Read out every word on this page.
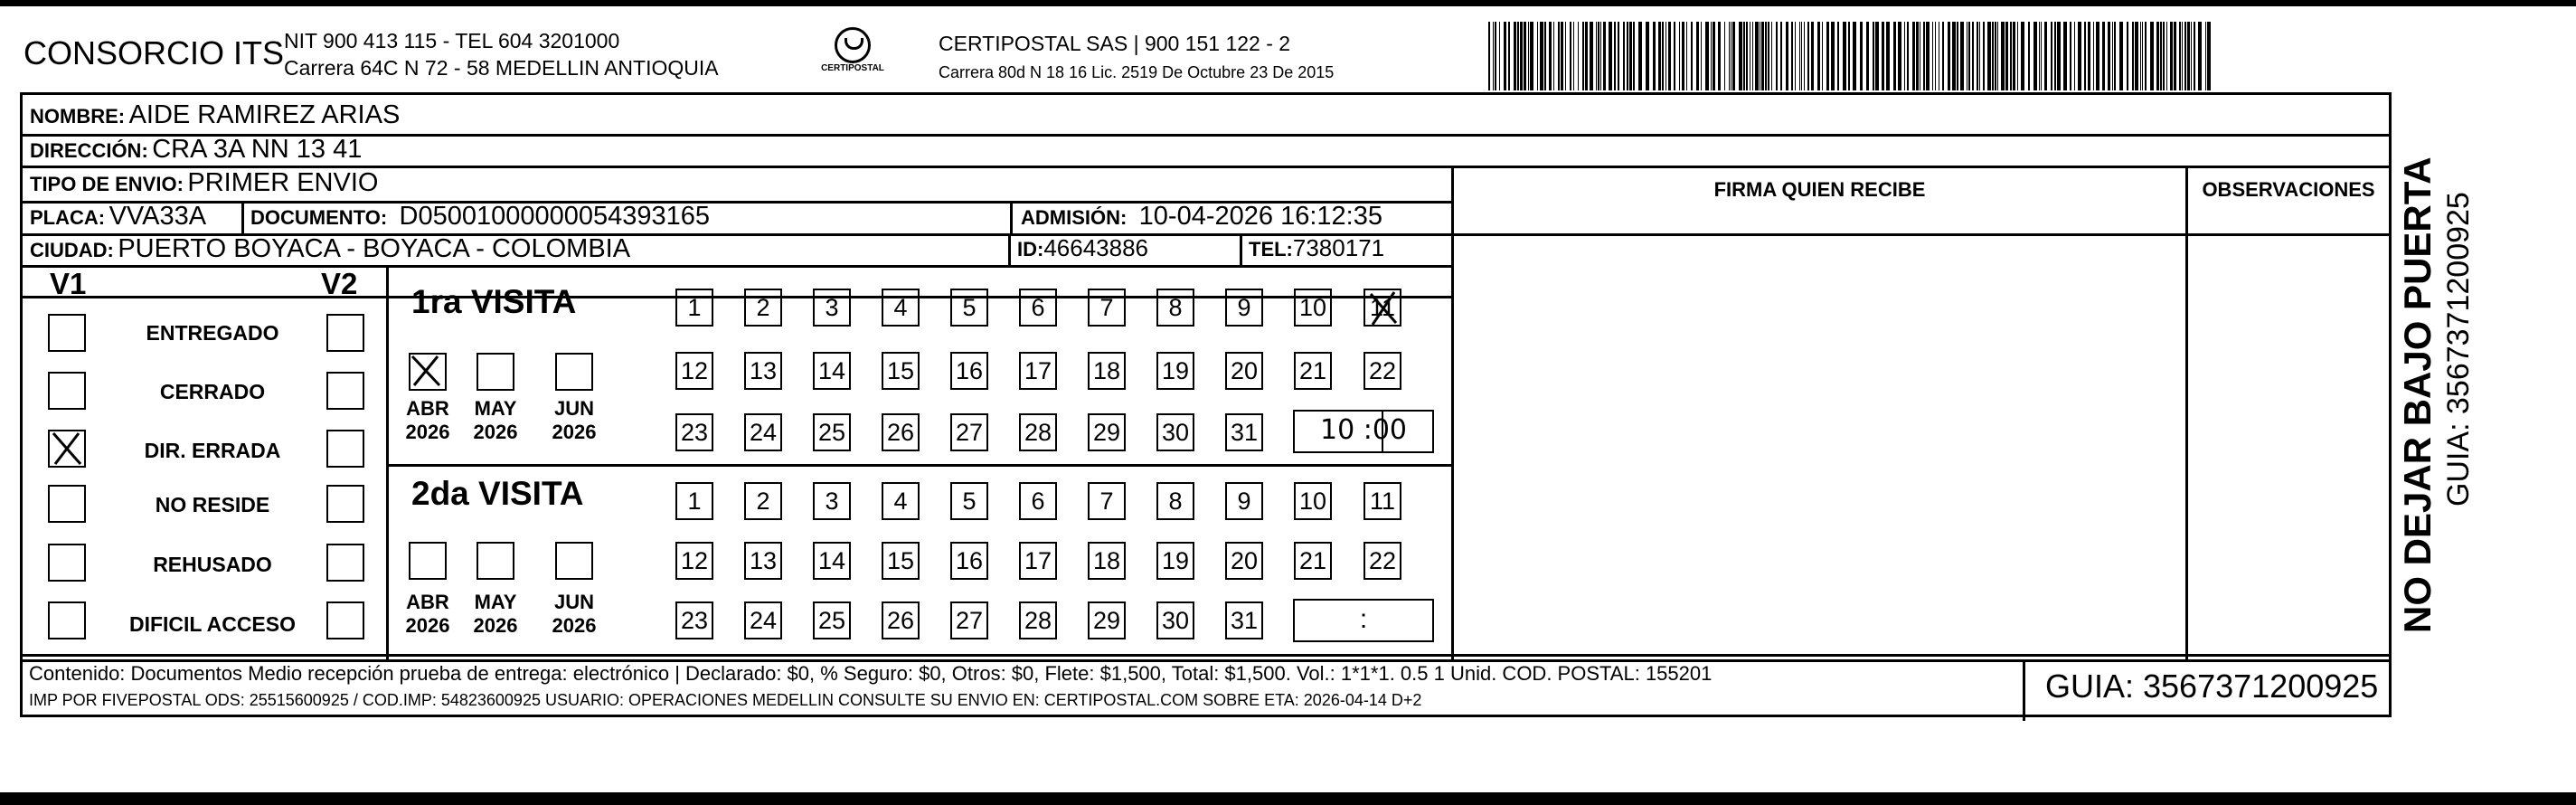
CONSORCIO ITS NIT 900 413 115 - TEL 604 3201000
Carrera 64C N 72 - 58 MEDELLIN ANTIOQUIA	CERTIPOSTAL
CERTIPOSTAL SAS | 900 151 122 - 2
Carrera 80d N 18 16 Lic. 2519 De Octubre 23 De 2015
NOMBRE: AIDE RAMIREZ ARIAS
DIRECCIÓN: CRA 3A NN 13 41
TIPO DE ENVIO: PRIMER ENVIO
PLACA: VVA33A DOCUMENTO: D05001000000054393165	ADMISIÓN: 10-04-2026 16:12:35
CIUDAD: PUERTO BOYACA - BOYACA - COLOMBIA	ID:46643886	TEL:7380171
FIRMA QUIEN RECIBE	OBSERVACIONES
V1	V2
ENTREGADO
CERRADO
DIR. ERRADA
NO RESIDE
REHUSADO
DIFICIL ACCESO
1ra VISITA
ABR
2026
MAY
2026
JUN
2026
1	2	3	4	5	6	7	8	9	10 11
12 13 14 15 16 17 18 19 20 21 22
23 24 25 26 27 28 29 30 31	10 :00
2da VISITA
ABR
2026
MAY
2026
JUN
2026
1	2	3	4	5	6	7	8	9	10 11
12 13 14 15 16 17 18 19 20 21 22
23 24 25 26 27 28 29 30 31	:
Contenido: Documentos Medio recepción prueba de entrega: electrónico | Declarado: $0, % Seguro: $0, Otros: $0, Flete: $1,500, Total: $1,500. Vol.: 1*1*1. 0.5 1 Unid. COD. POSTAL: 155201
IMP POR FIVEPOSTAL ODS: 25515600925 / COD.IMP: 54823600925 USUARIO: OPERACIONES MEDELLIN CONSULTE SU ENVIO EN: CERTIPOSTAL.COM SOBRE ETA: 2026-04-14 D+2	GUIA: 3567371200925
NO DEJAR BAJO PUERTA GUIA: 3567371200925
